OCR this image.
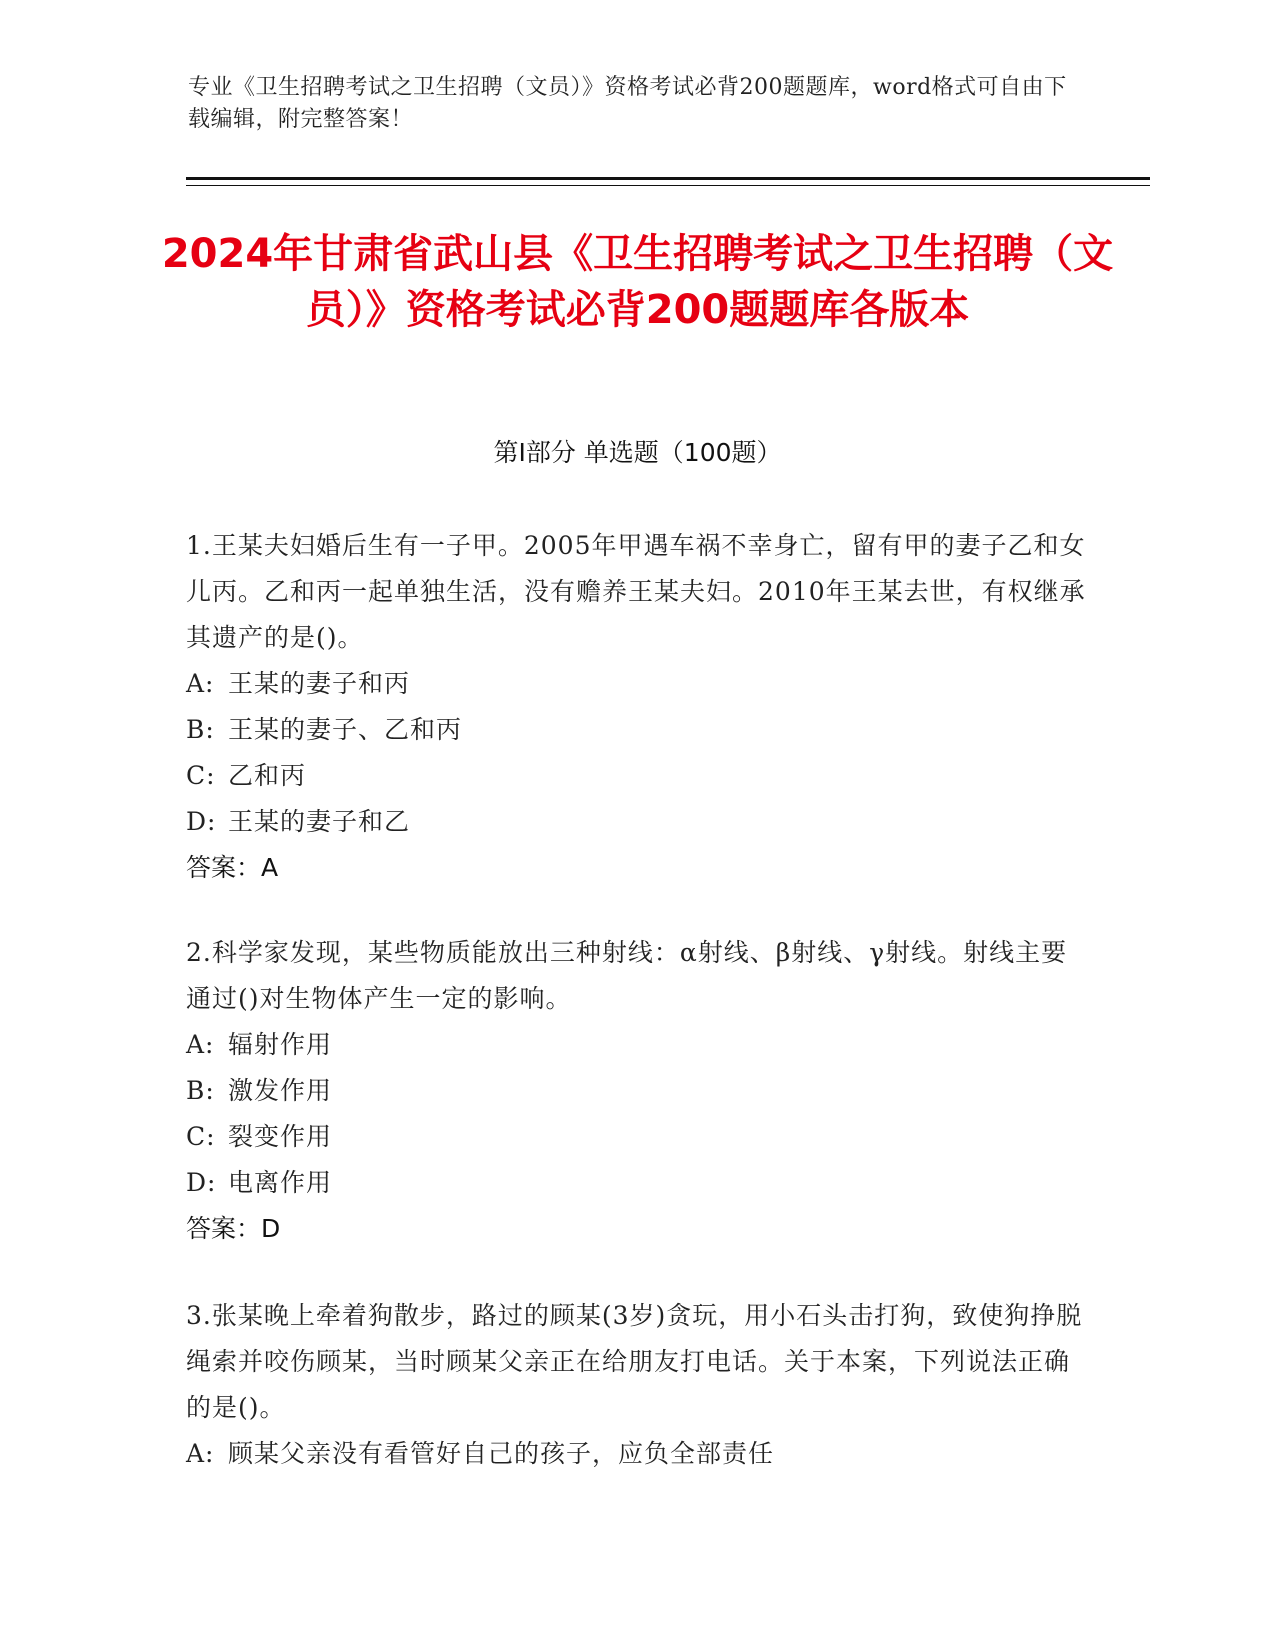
专业《卫生招聘考试之卫生招聘（文员）》资格考试必背200题题库，word格式可自由下载编辑，附完整答案！
2024年甘肃省武山县《卫生招聘考试之卫生招聘（文员）》资格考试必背200题题库各版本
第I部分 单选题（100题）
1.王某夫妇婚后生有一子甲。2005年甲遇车祸不幸身亡，留有甲的妻子乙和女儿丙。乙和丙一起单独生活，没有赡养王某夫妇。2010年王某去世，有权继承其遗产的是()。
A: 王某的妻子和丙
B: 王某的妻子、乙和丙
C: 乙和丙
D: 王某的妻子和乙
答案：A
2.科学家发现，某些物质能放出三种射线：α射线、β射线、γ射线。射线主要通过()对生物体产生一定的影响。
A: 辐射作用
B: 激发作用
C: 裂变作用
D: 电离作用
答案：D
3.张某晚上牵着狗散步，路过的顾某(3岁)贪玩，用小石头击打狗，致使狗挣脱绳索并咬伤顾某，当时顾某父亲正在给朋友打电话。关于本案，下列说法正确的是()。
A: 顾某父亲没有看管好自己的孩子，应负全部责任
